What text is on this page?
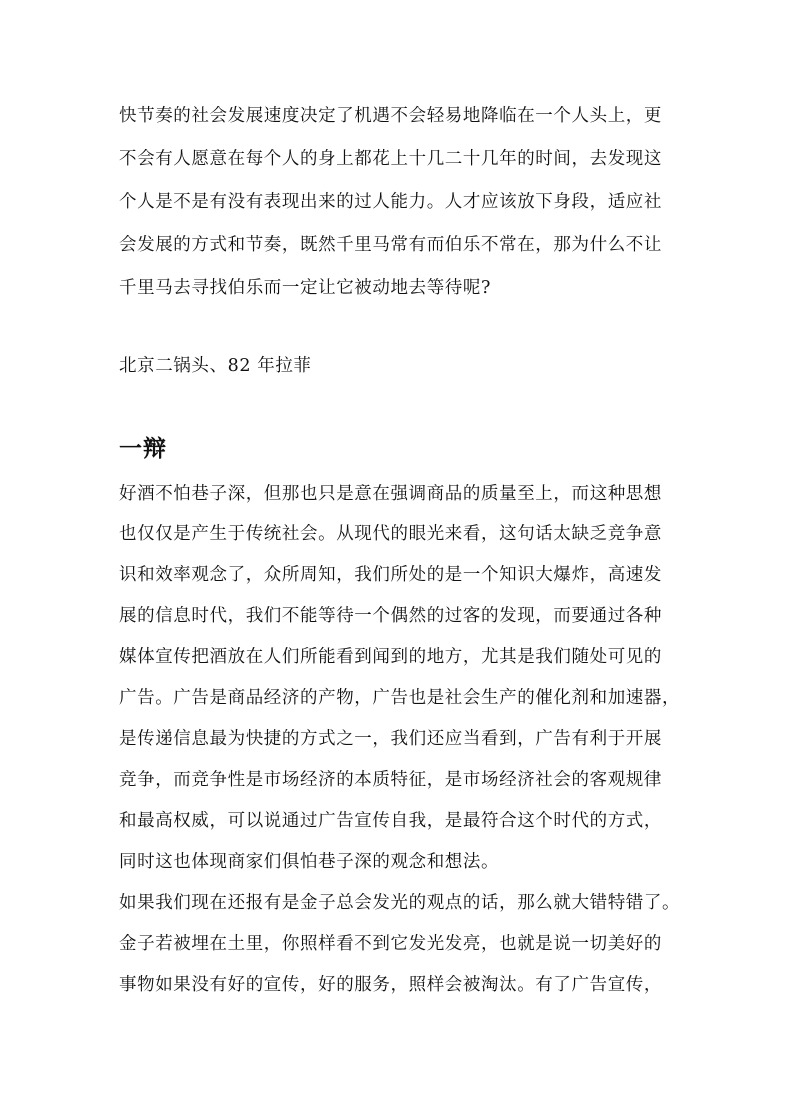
快节奏的社会发展速度决定了机遇不会轻易地降临在一个人头上，更
不会有人愿意在每个人的身上都花上十几二十几年的时间，去发现这
个人是不是有没有表现出来的过人能力。人才应该放下身段，适应社
会发展的方式和节奏，既然千里马常有而伯乐不常在，那为什么不让
千里马去寻找伯乐而一定让它被动地去等待呢?
北京二锅头、82 年拉菲
一辩
好酒不怕巷子深，但那也只是意在强调商品的质量至上，而这种思想
也仅仅是产生于传统社会。从现代的眼光来看，这句话太缺乏竞争意
识和效率观念了，众所周知，我们所处的是一个知识大爆炸，高速发
展的信息时代，我们不能等待一个偶然的过客的发现，而要通过各种
媒体宣传把酒放在人们所能看到闻到的地方，尤其是我们随处可见的
广告。广告是商品经济的产物，广告也是社会生产的催化剂和加速器，
是传递信息最为快捷的方式之一，我们还应当看到，广告有利于开展
竞争，而竞争性是市场经济的本质特征，是市场经济社会的客观规律
和最高权威，可以说通过广告宣传自我，是最符合这个时代的方式，
同时这也体现商家们俱怕巷子深的观念和想法。
如果我们现在还报有是金子总会发光的观点的话，那么就大错特错了。
金子若被埋在土里，你照样看不到它发光发亮，也就是说一切美好的
事物如果没有好的宣传，好的服务，照样会被淘汰。有了广告宣传，
